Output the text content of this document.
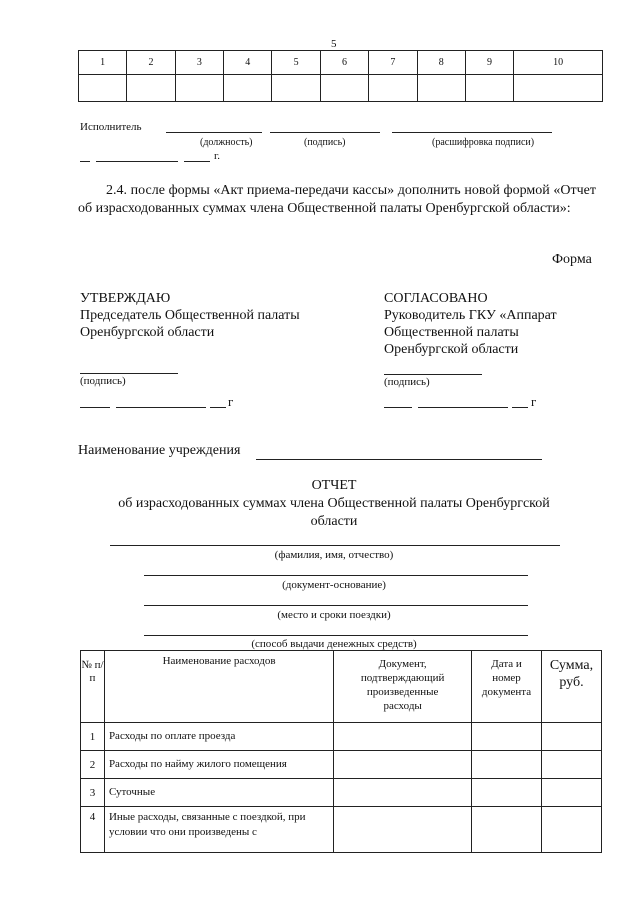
5
1	2	3	4	5	6	7	8	9	10

Исполнитель
(должность)	(подпись)	(расшифровка подписи)
г.
2.4. после формы «Акт приема-передачи кассы» дополнить новой формой «Отчет об израсходованных суммах члена Общественной палаты Оренбургской области»:
Форма
УТВЕРЖДАЮ
Председатель Общественной палаты
Оренбургской области
(подпись)
г
СОГЛАСОВАНО
Руководитель ГКУ «Аппарат
Общественной палаты
Оренбургской области
(подпись)
г
Наименование учреждения
ОТЧЕТ
об израсходованных суммах члена Общественной палаты Оренбургской
области
(фамилия, имя, отчество)
(документ-основание)
(место и сроки поездки)
(способ выдачи денежных средств)
№ п/п	Наименование расходов	Документ, подтверждающий произведенные расходы	Дата и номер документа	Сумма, руб.
1	Расходы по оплате проезда			
2	Расходы по найму жилого помещения			
3	Суточные			
4	Иные расходы, связанные с поездкой, при условии что они произведены с			
